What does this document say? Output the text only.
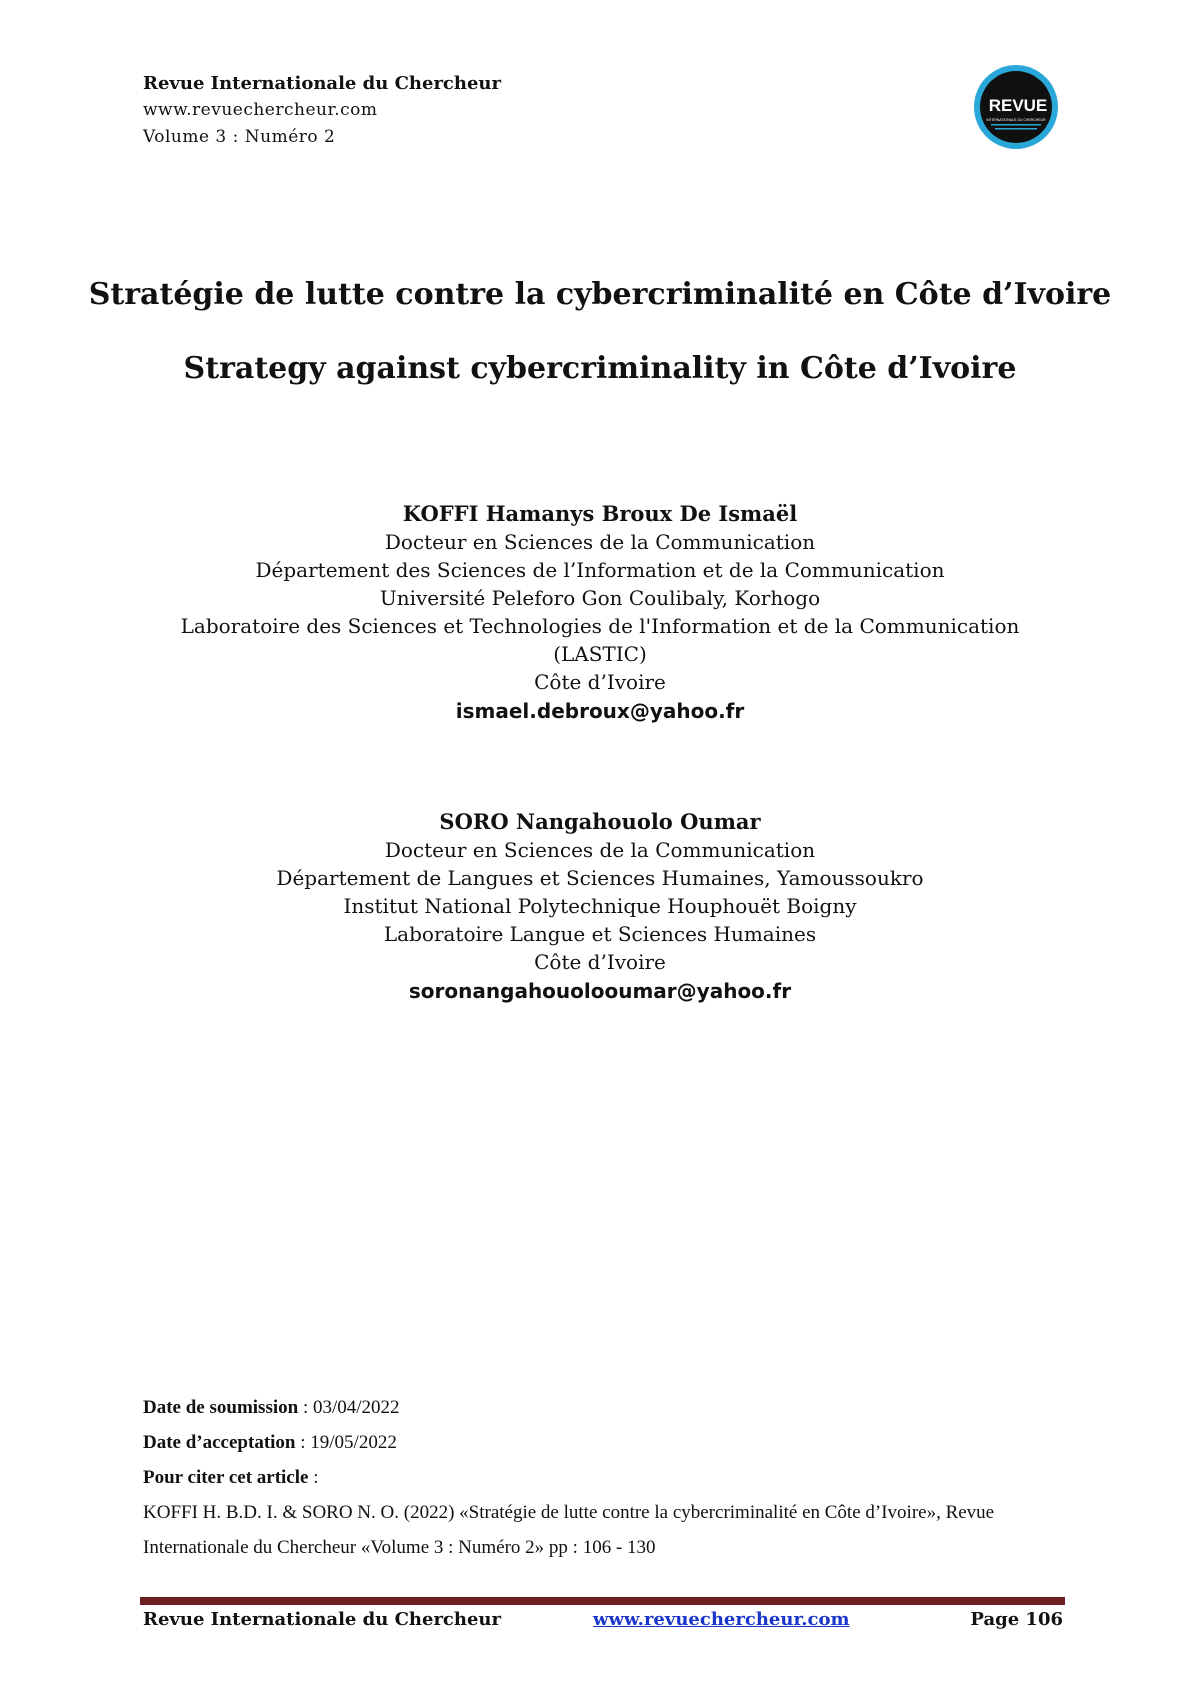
Revue Internationale du Chercheur
www.revuechercheur.com
Volume 3 : Numéro 2
REVUE
INTERNATIONALE DU CHERCHEUR
Stratégie de lutte contre la cybercriminalité en Côte d’Ivoire
Strategy against cybercriminality in Côte d’Ivoire
KOFFI Hamanys Broux De Ismaël
Docteur en Sciences de la Communication
Département des Sciences de l’Information et de la Communication
Université Peleforo Gon Coulibaly, Korhogo
Laboratoire des Sciences et Technologies de l'Information et de la Communication
(LASTIC)
Côte d’Ivoire
ismael.debroux@yahoo.fr
SORO Nangahouolo Oumar
Docteur en Sciences de la Communication
Département de Langues et Sciences Humaines, Yamoussoukro
Institut National Polytechnique Houphouët Boigny
Laboratoire Langue et Sciences Humaines
Côte d’Ivoire
soronangahouolooumar@yahoo.fr
Date de soumission : 03/04/2022
Date d’acceptation : 19/05/2022
Pour citer cet article :
KOFFI H. B.D. I. & SORO N. O. (2022) «Stratégie de lutte contre la cybercriminalité en Côte d’Ivoire», Revue Internationale du Chercheur «Volume 3 : Numéro 2» pp : 106 - 130
Revue Internationale du Chercheur	www.revuechercheur.com	Page 106
